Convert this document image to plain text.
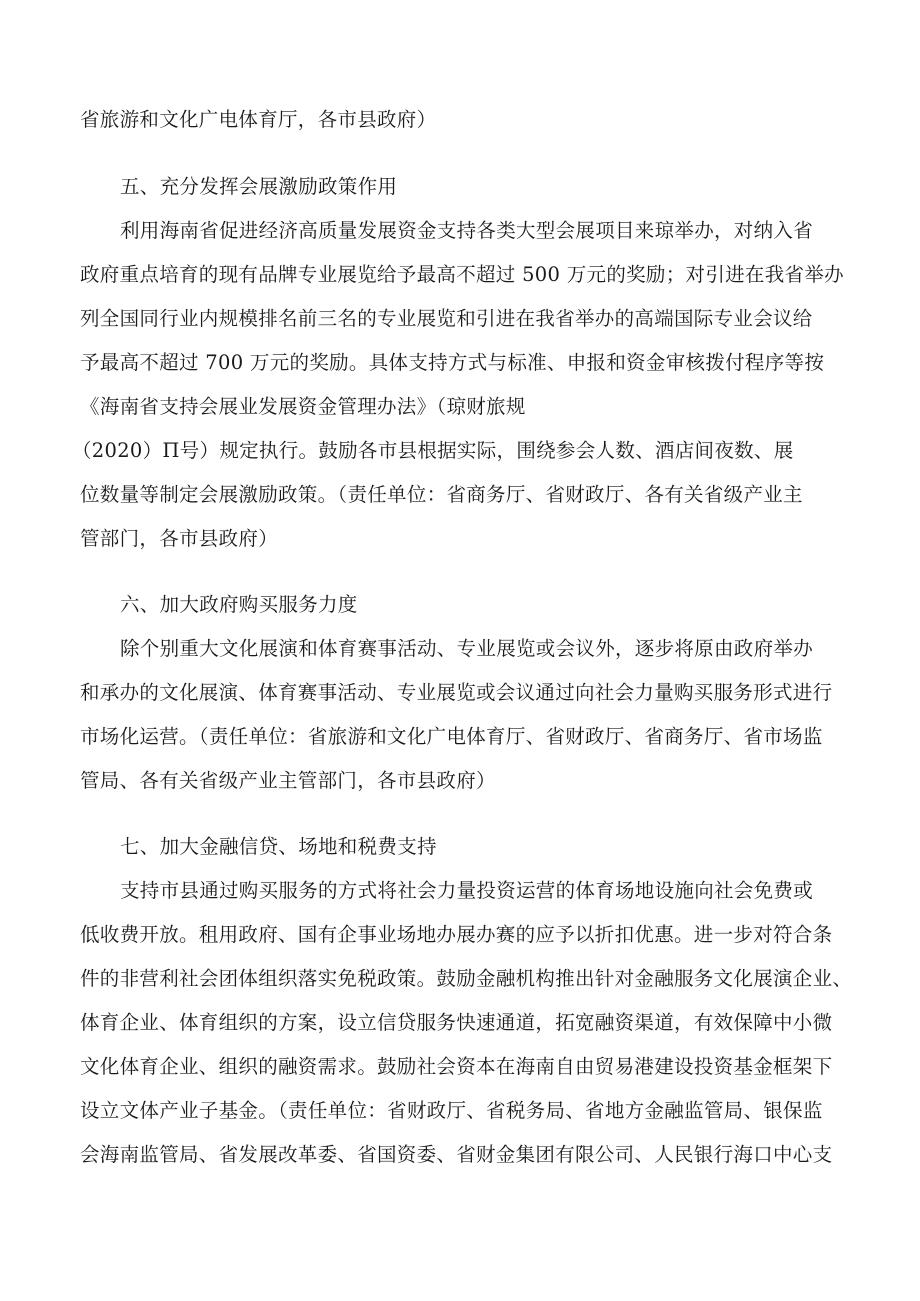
省旅游和文化广电体育厅，各市县政府）
五、充分发挥会展激励政策作用
利用海南省促进经济高质量发展资金支持各类大型会展项目来琼举办，对纳入省
政府重点培育的现有品牌专业展览给予最高不超过 500 万元的奖励；对引进在我省举办
列全国同行业内规模排名前三名的专业展览和引进在我省举办的高端国际专业会议给
予最高不超过 700 万元的奖励。具体支持方式与标准、申报和资金审核拨付程序等按
《海南省支持会展业发展资金管理办法》（琼财旅规
（2020）Π号）规定执行。鼓励各市县根据实际，围绕参会人数、酒店间夜数、展
位数量等制定会展激励政策。（责任单位：省商务厅、省财政厅、各有关省级产业主
管部门，各市县政府）
六、加大政府购买服务力度
除个别重大文化展演和体育赛事活动、专业展览或会议外，逐步将原由政府举办
和承办的文化展演、体育赛事活动、专业展览或会议通过向社会力量购买服务形式进行
市场化运营。（责任单位：省旅游和文化广电体育厅、省财政厅、省商务厅、省市场监
管局、各有关省级产业主管部门，各市县政府）
七、加大金融信贷、场地和税费支持
支持市县通过购买服务的方式将社会力量投资运营的体育场地设施向社会免费或
低收费开放。租用政府、国有企事业场地办展办赛的应予以折扣优惠。进一步对符合条
件的非营利社会团体组织落实免税政策。鼓励金融机构推出针对金融服务文化展演企业、
体育企业、体育组织的方案，设立信贷服务快速通道，拓宽融资渠道，有效保障中小微
文化体育企业、组织的融资需求。鼓励社会资本在海南自由贸易港建设投资基金框架下
设立文体产业子基金。（责任单位：省财政厅、省税务局、省地方金融监管局、银保监
会海南监管局、省发展改革委、省国资委、省财金集团有限公司、人民银行海口中心支
